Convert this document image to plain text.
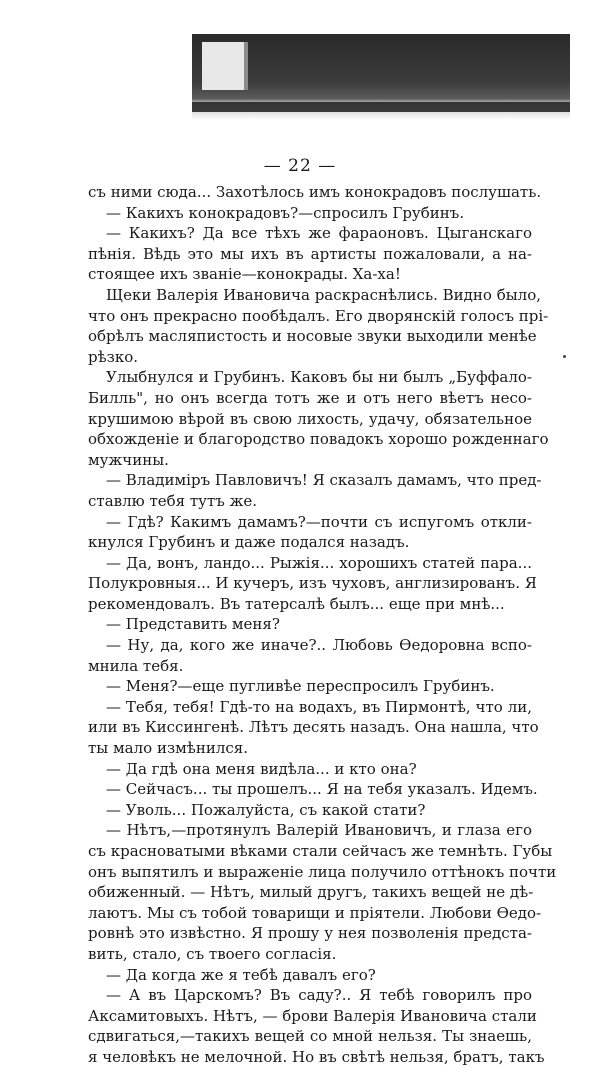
— 22 —
съ ними сюда... Захотѣлось имъ конокрадовъ послушать.
— Какихъ конокрадовъ?—спросилъ Грубинъ.
— Какихъ? Да все тѣхъ же фараоновъ. Цыганскаго
пѣнія. Вѣдь это мы ихъ въ артисты пожаловали, а на-
стоящее ихъ званіе—конокрады. Ха-ха!
Щеки Валерія Ивановича раскраснѣлись. Видно было,
что онъ прекрасно пообѣдалъ. Его дворянскій голосъ прі-
обрѣлъ масляпистость и носовые звуки выходили менѣе
рѣзко.
Улыбнулся и Грубинъ. Каковъ бы ни былъ „Буффало-
Билль", но онъ всегда тотъ же и отъ него вѣетъ несо-
крушимою вѣрой въ свою лихость, удачу, обязательное
обхожденіе и благородство повадокъ хорошо рожденнаго
мужчины.
— Владиміръ Павловичъ! Я сказалъ дамамъ, что пред-
ставлю тебя тутъ же.
— Гдѣ? Какимъ дамамъ?—почти съ испугомъ откли-
кнулся Грубинъ и даже подался назадъ.
— Да, вонъ, ландо... Рыжія... хорошихъ статей пара...
Полукровныя... И кучеръ, изъ чуховъ, англизированъ. Я
рекомендовалъ. Въ татерсалѣ былъ... еще при мнѣ...
— Представить меня?
— Ну, да, кого же иначе?.. Любовь Ѳедоровна вспо-
мнила тебя.
— Меня?—еще пугливѣе переспросилъ Грубинъ.
— Тебя, тебя! Гдѣ-то на водахъ, въ Пирмонтѣ, что ли,
или въ Киссингенѣ. Лѣтъ десять назадъ. Она нашла, что
ты мало измѣнился.
— Да гдѣ она меня видѣла... и кто она?
— Сейчасъ... ты прошелъ... Я на тебя указалъ. Идемъ.
— Уволь... Пожалуйста, съ какой стати?
— Нѣтъ,—протянулъ Валерій Ивановичъ, и глаза его
съ красноватыми вѣками стали сейчасъ же темнѣть. Губы
онъ выпятилъ и выраженіе лица получило оттѣнокъ почти
обиженный. — Нѣтъ, милый другъ, такихъ вещей не дѣ-
лаютъ. Мы съ тобой товарищи и пріятели. Любови Ѳедо-
ровнѣ это извѣстно. Я прошу у нея позволенія предста-
вить, стало, съ твоего согласія.
— Да когда же я тебѣ давалъ его?
— А въ Царскомъ? Въ саду?.. Я тебѣ говорилъ про
Аксамитовыхъ. Нѣтъ, — брови Валерія Ивановича стали
сдвигаться,—такихъ вещей со мной нельзя. Ты знаешь,
я человѣкъ не мелочной. Но въ свѣтѣ нельзя, братъ, такъ
